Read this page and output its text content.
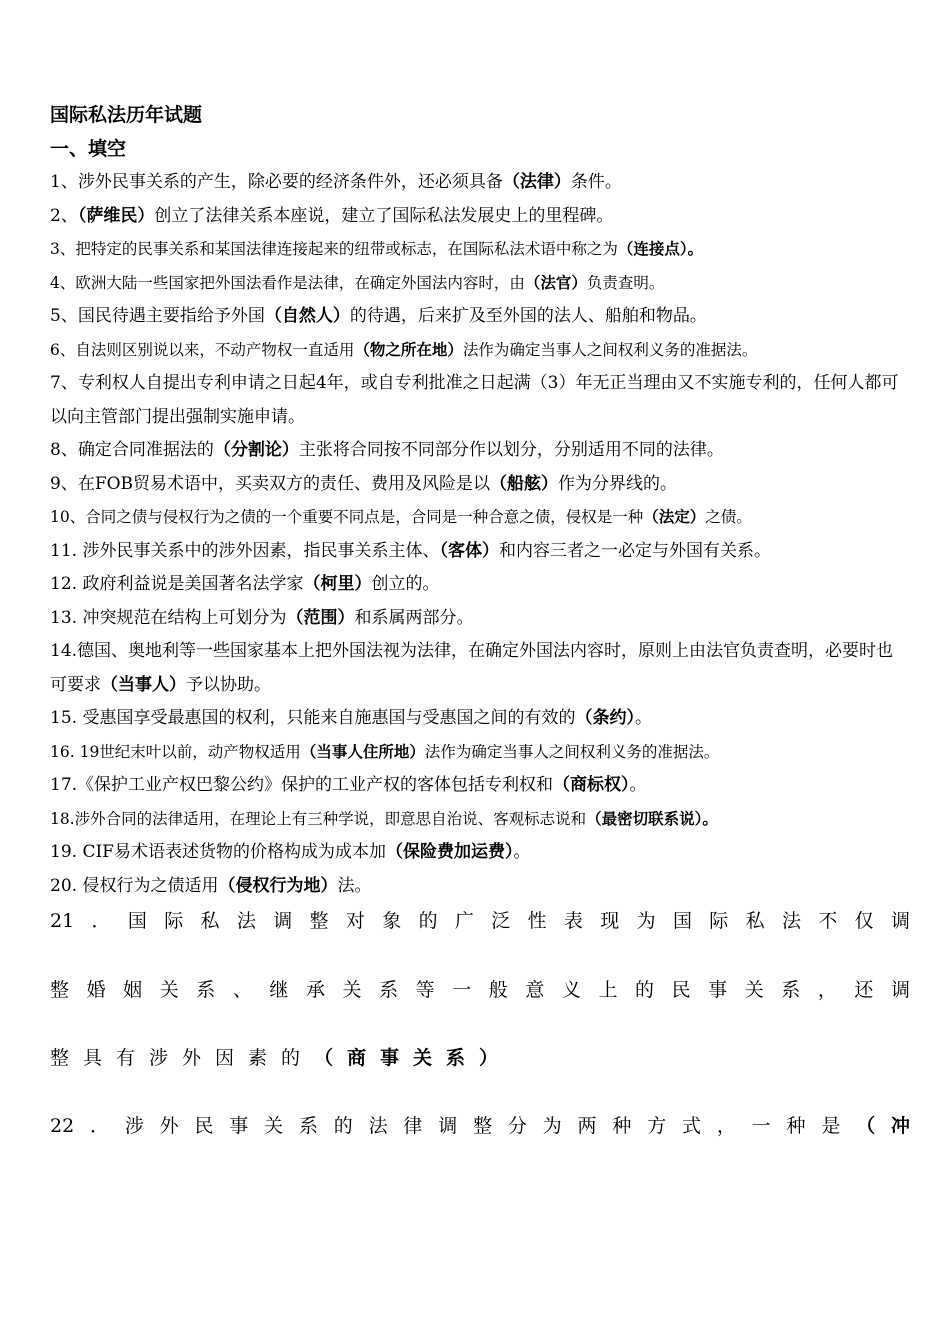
国际私法历年试题
一、填空
1、涉外民事关系的产生，除必要的经济条件外，还必须具备（法律）条件。
2、（萨维民）创立了法律关系本座说，建立了国际私法发展史上的里程碑。
3、把特定的民事关系和某国法律连接起来的纽带或标志，在国际私法术语中称之为（连接点）。
4、欧洲大陆一些国家把外国法看作是法律，在确定外国法内容时，由（法官）负责查明。
5、国民待遇主要指给予外国（自然人）的待遇，后来扩及至外国的法人、船舶和物品。
6、自法则区别说以来，不动产物权一直适用（物之所在地）法作为确定当事人之间权利义务的准据法。
7、专利权人自提出专利申请之日起4年，或自专利批准之日起满（3）年无正当理由又不实施专利的，任何人都可以向主管部门提出强制实施申请。
8、确定合同准据法的（分割论）主张将合同按不同部分作以划分，分别适用不同的法律。
9、在FOB贸易术语中，买卖双方的责任、费用及风险是以（船舷）作为分界线的。
10、合同之债与侵权行为之债的一个重要不同点是，合同是一种合意之债，侵权是一种（法定）之债。
11. 涉外民事关系中的涉外因素，指民事关系主体、（客体）和内容三者之一必定与外国有关系。
12. 政府利益说是美国著名法学家（柯里）创立的。
13. 冲突规范在结构上可划分为（范围）和系属两部分。
14.德国、奥地利等一些国家基本上把外国法视为法律，在确定外国法内容时，原则上由法官负责查明，必要时也可要求（当事人）予以协助。
15. 受惠国享受最惠国的权利，只能来自施惠国与受惠国之间的有效的（条约）。
16. 19世纪末叶以前，动产物权适用（当事人住所地）法作为确定当事人之间权利义务的准据法。
17.《保护工业产权巴黎公约》保护的工业产权的客体包括专利权和（商标权）。
18.涉外合同的法律适用，在理论上有三种学说，即意思自治说、客观标志说和（最密切联系说）。
19. CIF易术语表述货物的价格构成为成本加（保险费加运费）。
20. 侵权行为之债适用（侵权行为地）法。
21．国际私法调整对象的广泛性表现为国际私法不仅调
整婚姻关系、继承关系等一般意义上的民事关系，还调
整具有涉外因素的（商事关系）
22．涉外民事关系的法律调整分为两种方式，一种是（冲
